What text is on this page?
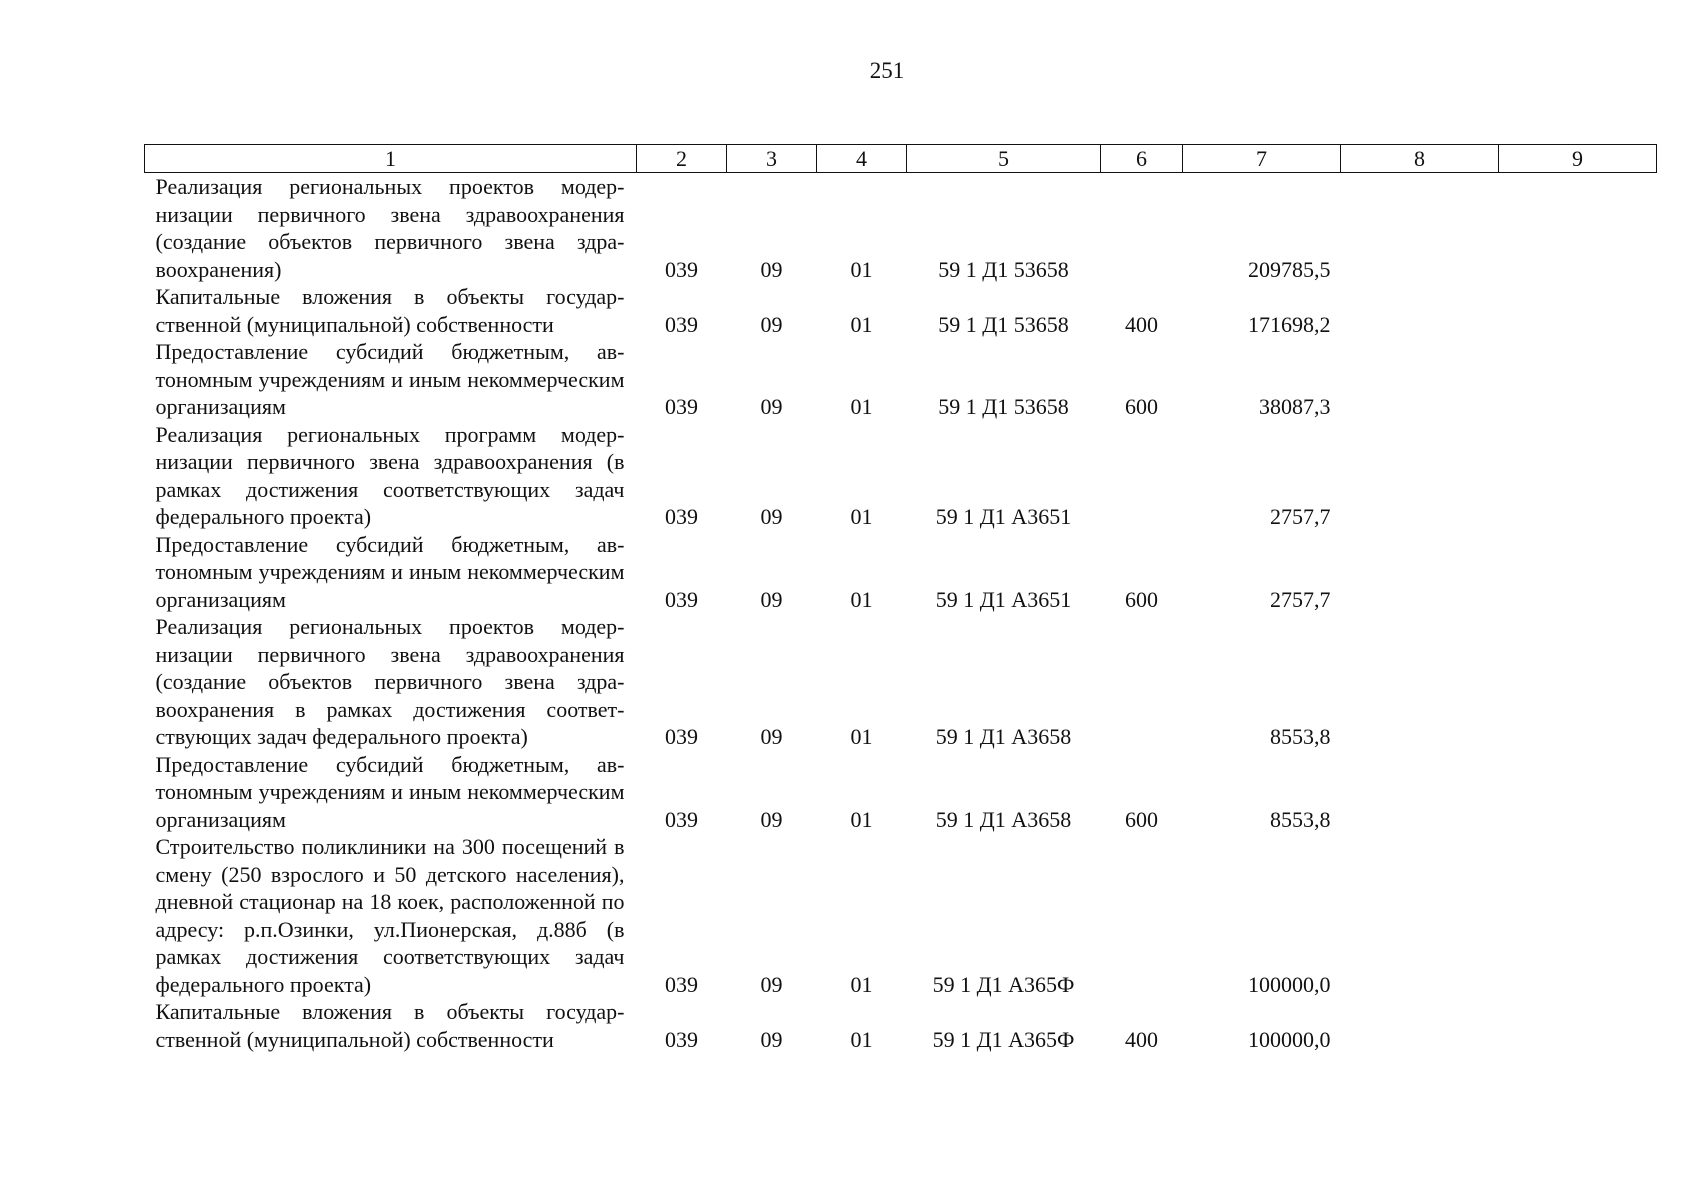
251
1	2	3	4	5	6	7	8	9
Реализация региональных проектов модернизации первичного звена здравоохранения (создание объектов первичного звена здравоохранения)	039	09	01	59 1 Д1 53658		209785,5		
Капитальные вложения в объекты государственной (муниципальной) собственности	039	09	01	59 1 Д1 53658	400	171698,2		
Предоставление субсидий бюджетным, автономным учреждениям и иным некоммерческим организациям	039	09	01	59 1 Д1 53658	600	38087,3		
Реализация региональных программ модернизации первичного звена здравоохранения (в рамках достижения соответствующих задач федерального проекта)	039	09	01	59 1 Д1 А3651		2757,7		
Предоставление субсидий бюджетным, автономным учреждениям и иным некоммерческим организациям	039	09	01	59 1 Д1 А3651	600	2757,7		
Реализация региональных проектов модернизации первичного звена здравоохранения (создание объектов первичного звена здравоохранения в рамках достижения соответствующих задач федерального проекта)	039	09	01	59 1 Д1 А3658		8553,8		
Предоставление субсидий бюджетным, автономным учреждениям и иным некоммерческим организациям	039	09	01	59 1 Д1 А3658	600	8553,8		
Строительство поликлиники на 300 посещений в смену (250 взрослого и 50 детского населения), дневной стационар на 18 коек, расположенной по адресу: р.п.Озинки, ул.Пионерская, д.88б (в рамках достижения соответствующих задач федерального проекта)	039	09	01	59 1 Д1 А365Ф		100000,0		
Капитальные вложения в объекты государственной (муниципальной) собственности	039	09	01	59 1 Д1 А365Ф	400	100000,0		
